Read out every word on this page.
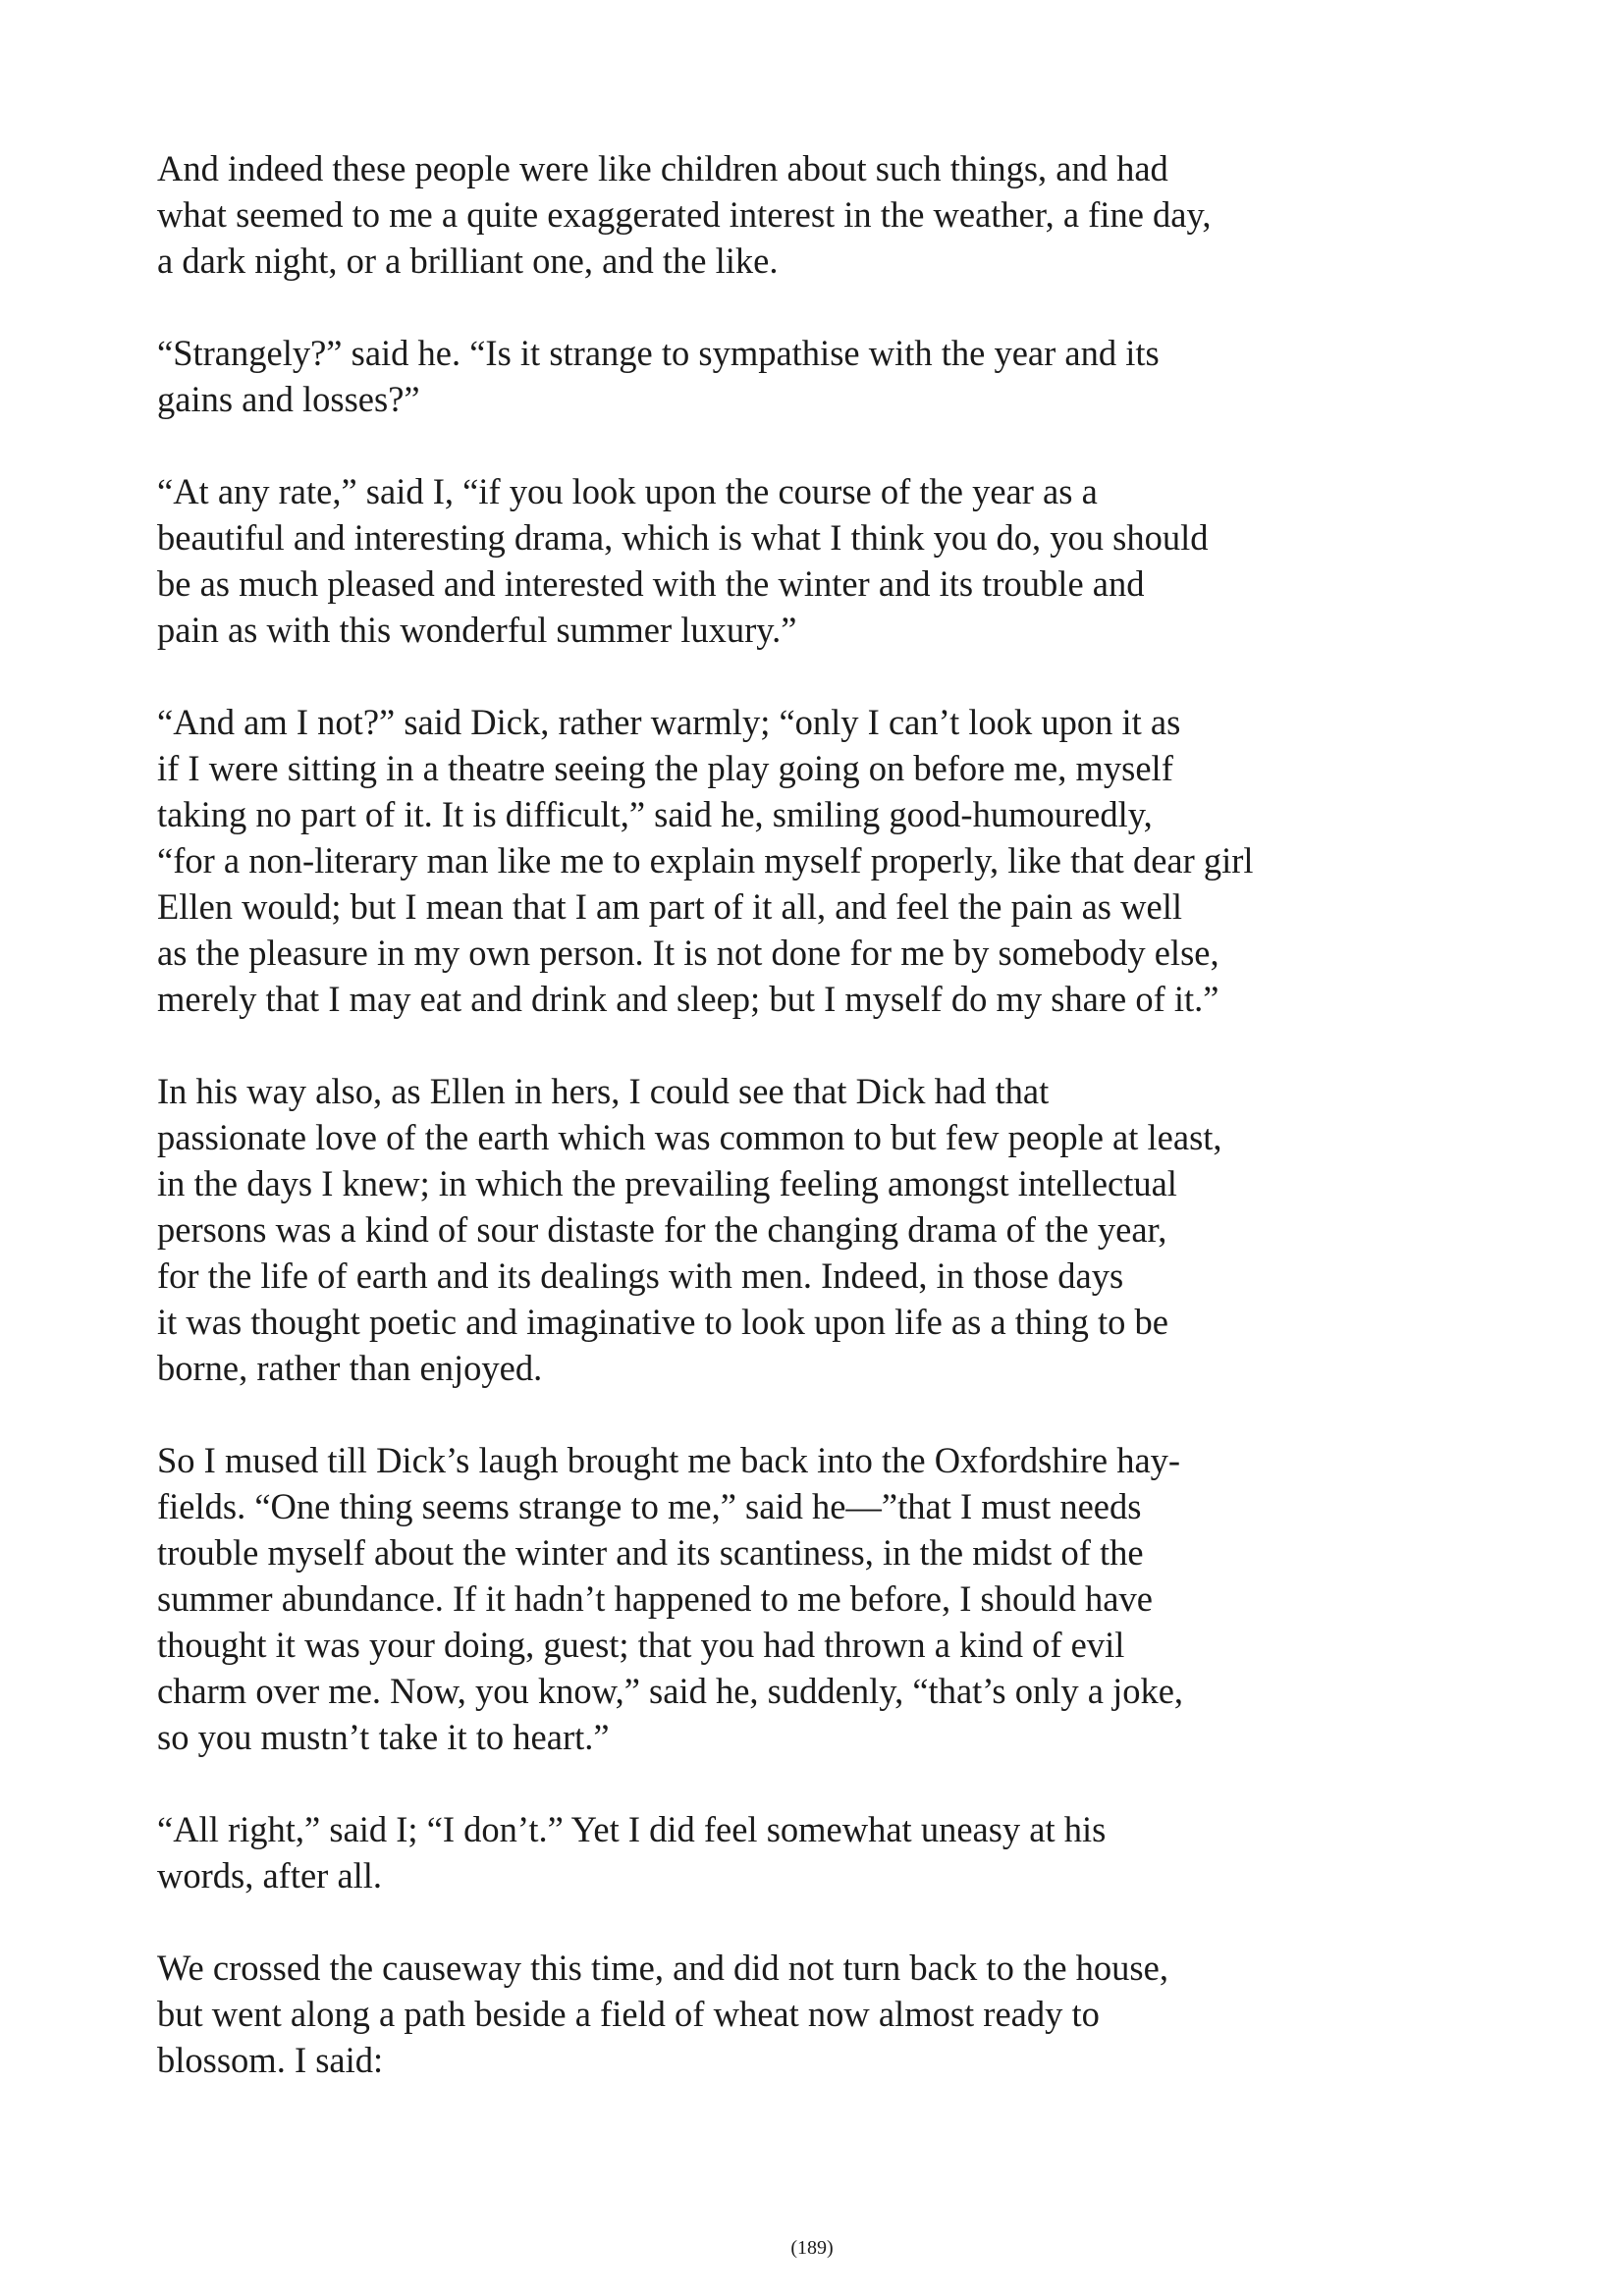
And indeed these people were like children about such things, and had
what seemed to me a quite exaggerated interest in the weather, a fine day,
a dark night, or a brilliant one, and the like.

“Strangely?” said he. “Is it strange to sympathise with the year and its
gains and losses?”

“At any rate,” said I, “if you look upon the course of the year as a
beautiful and interesting drama, which is what I think you do, you should
be as much pleased and interested with the winter and its trouble and
pain as with this wonderful summer luxury.”

“And am I not?” said Dick, rather warmly; “only I can’t look upon it as
if I were sitting in a theatre seeing the play going on before me, myself
taking no part of it. It is difficult,” said he, smiling good-humouredly,
“for a non-literary man like me to explain myself properly, like that dear girl
Ellen would; but I mean that I am part of it all, and feel the pain as well
as the pleasure in my own person. It is not done for me by somebody else,
merely that I may eat and drink and sleep; but I myself do my share of it.”

In his way also, as Ellen in hers, I could see that Dick had that
passionate love of the earth which was common to but few people at least,
in the days I knew; in which the prevailing feeling amongst intellectual
persons was a kind of sour distaste for the changing drama of the year,
for the life of earth and its dealings with men. Indeed, in those days
it was thought poetic and imaginative to look upon life as a thing to be
borne, rather than enjoyed.

So I mused till Dick’s laugh brought me back into the Oxfordshire hay-
fields. “One thing seems strange to me,” said he—”that I must needs
trouble myself about the winter and its scantiness, in the midst of the
summer abundance. If it hadn’t happened to me before, I should have
thought it was your doing, guest; that you had thrown a kind of evil
charm over me. Now, you know,” said he, suddenly, “that’s only a joke,
so you mustn’t take it to heart.”

“All right,” said I; “I don’t.” Yet I did feel somewhat uneasy at his
words, after all.

We crossed the causeway this time, and did not turn back to the house,
but went along a path beside a field of wheat now almost ready to
blossom. I said:

(189)
